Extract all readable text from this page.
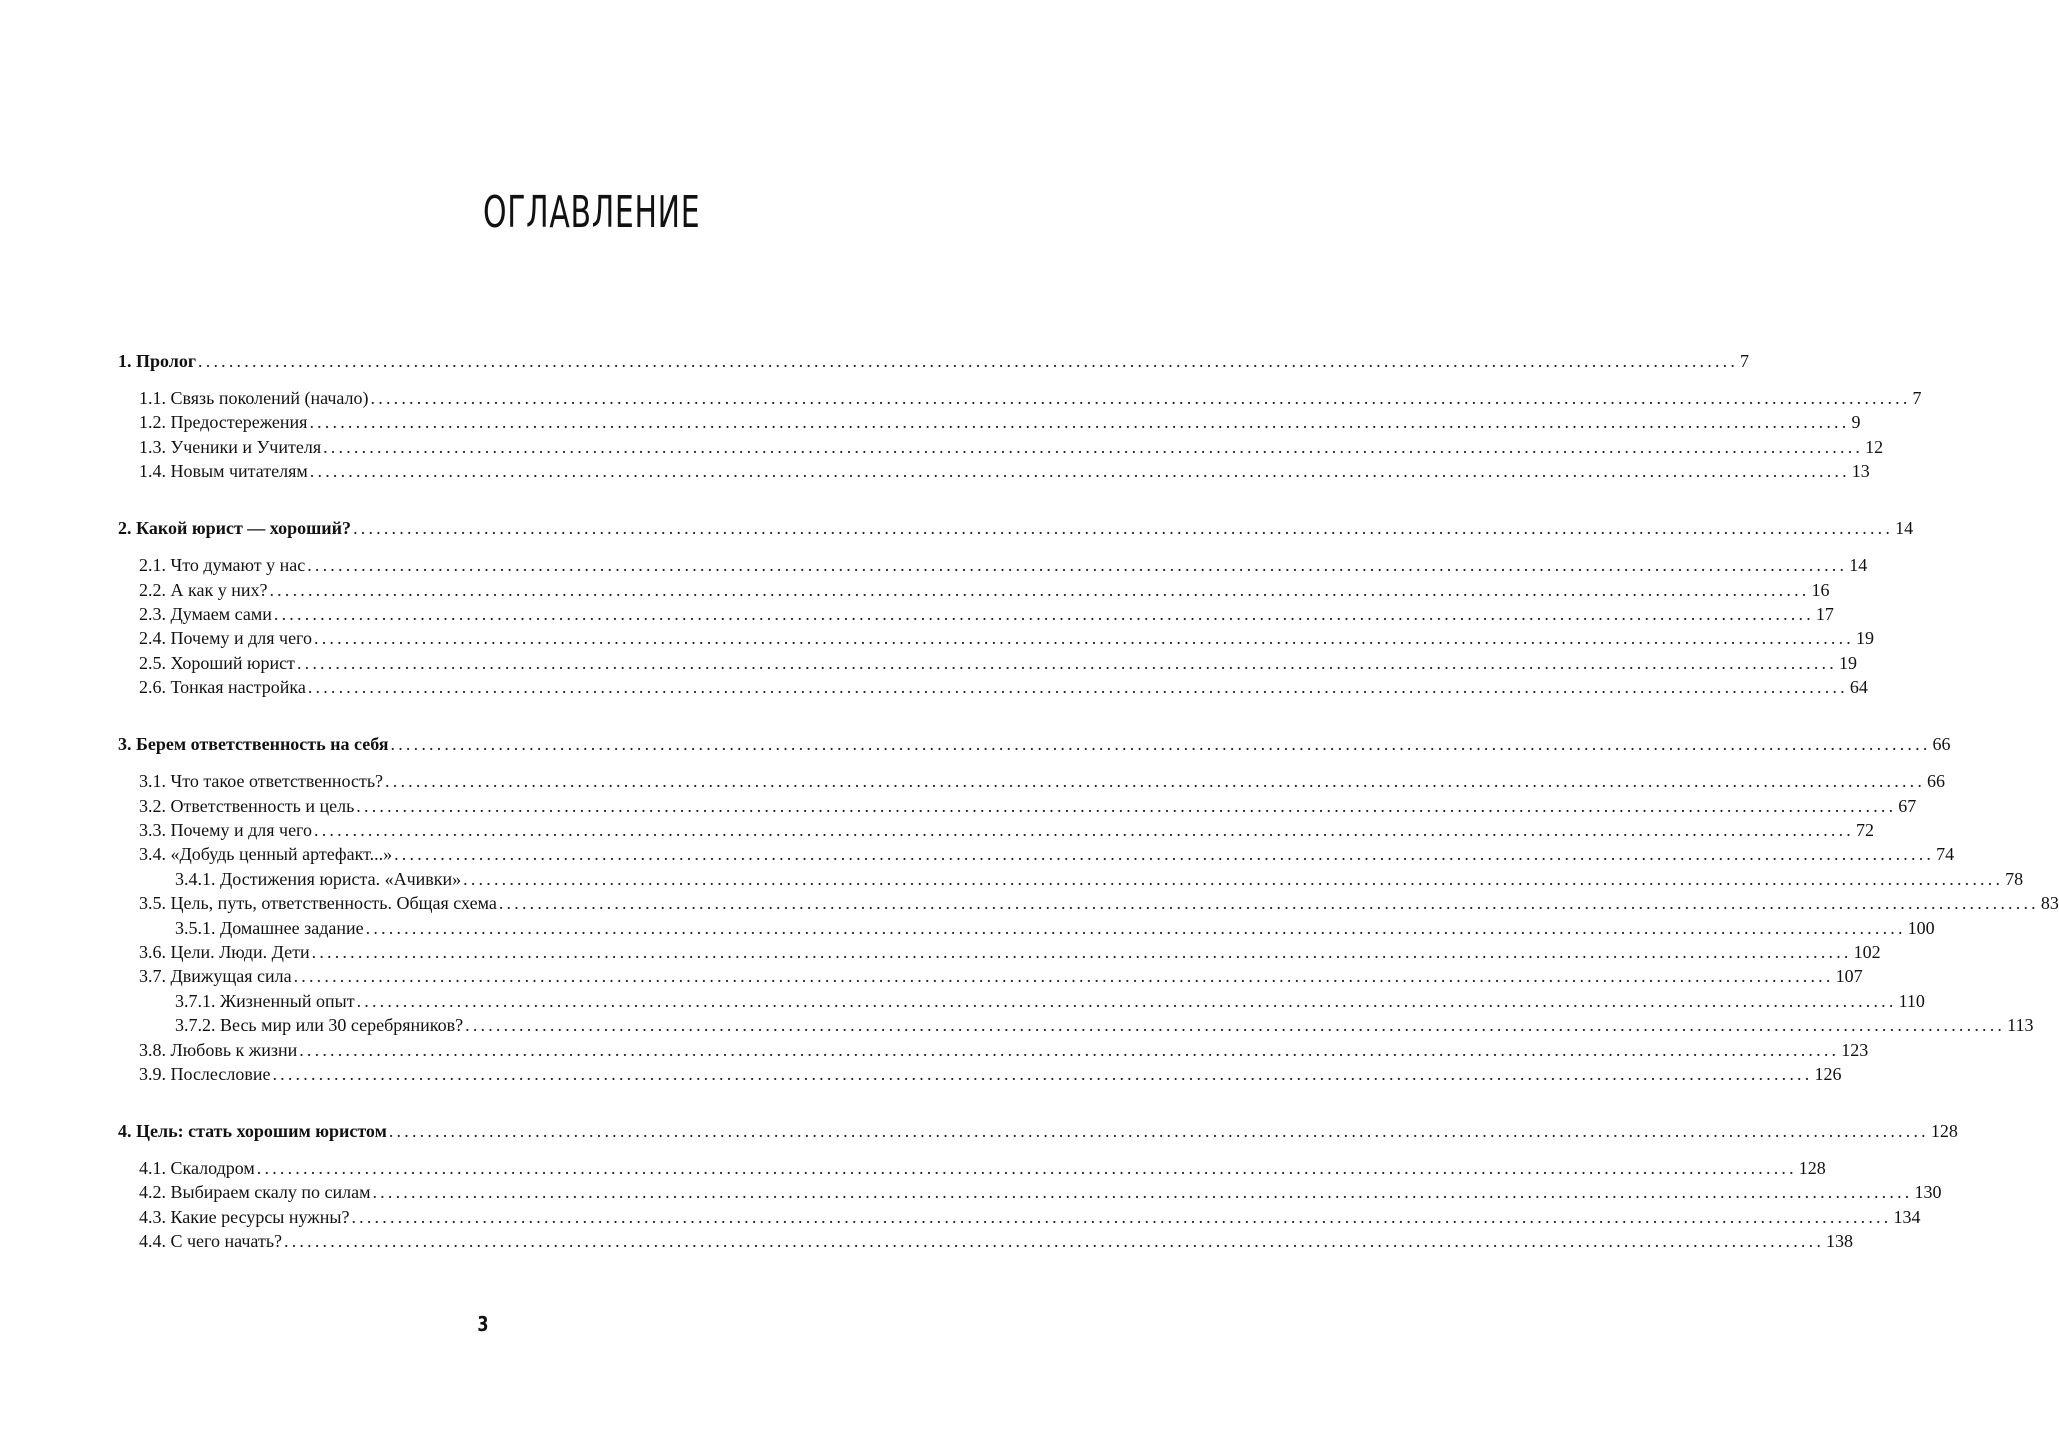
ОГЛАВЛЕНИЕ
1. Пролог ........................................................................................................................................................................................................ 7
1.1. Связь поколений (начало) ........................................................................................................................................................................................................ 7
1.2. Предостережения ........................................................................................................................................................................................................ 9
1.3. Ученики и Учителя ........................................................................................................................................................................................................ 12
1.4. Новым читателям ........................................................................................................................................................................................................ 13
2. Какой юрист — хороший? ........................................................................................................................................................................................................ 14
2.1. Что думают у нас ........................................................................................................................................................................................................ 14
2.2. А как у них? ........................................................................................................................................................................................................ 16
2.3. Думаем сами ........................................................................................................................................................................................................ 17
2.4. Почему и для чего ........................................................................................................................................................................................................ 19
2.5. Хороший юрист ........................................................................................................................................................................................................ 19
2.6. Тонкая настройка ........................................................................................................................................................................................................ 64
3. Берем ответственность на себя ........................................................................................................................................................................................................ 66
3.1. Что такое ответственность? ........................................................................................................................................................................................................ 66
3.2. Ответственность и цель ........................................................................................................................................................................................................ 67
3.3. Почему и для чего ........................................................................................................................................................................................................ 72
3.4. «Добудь ценный артефакт...» ........................................................................................................................................................................................................ 74
3.4.1. Достижения юриста. «Ачивки» ........................................................................................................................................................................................................ 78
3.5. Цель, путь, ответственность. Общая схема ........................................................................................................................................................................................................ 83
3.5.1. Домашнее задание ........................................................................................................................................................................................................ 100
3.6. Цели. Люди. Дети ........................................................................................................................................................................................................ 102
3.7. Движущая сила ........................................................................................................................................................................................................ 107
3.7.1. Жизненный опыт ........................................................................................................................................................................................................ 110
3.7.2. Весь мир или 30 серебряников? ........................................................................................................................................................................................................ 113
3.8. Любовь к жизни ........................................................................................................................................................................................................ 123
3.9. Послесловие ........................................................................................................................................................................................................ 126
4. Цель: стать хорошим юристом ........................................................................................................................................................................................................ 128
4.1. Скалодром ........................................................................................................................................................................................................ 128
4.2. Выбираем скалу по силам ........................................................................................................................................................................................................ 130
4.3. Какие ресурсы нужны? ........................................................................................................................................................................................................ 134
4.4. С чего начать? ........................................................................................................................................................................................................ 138
3
